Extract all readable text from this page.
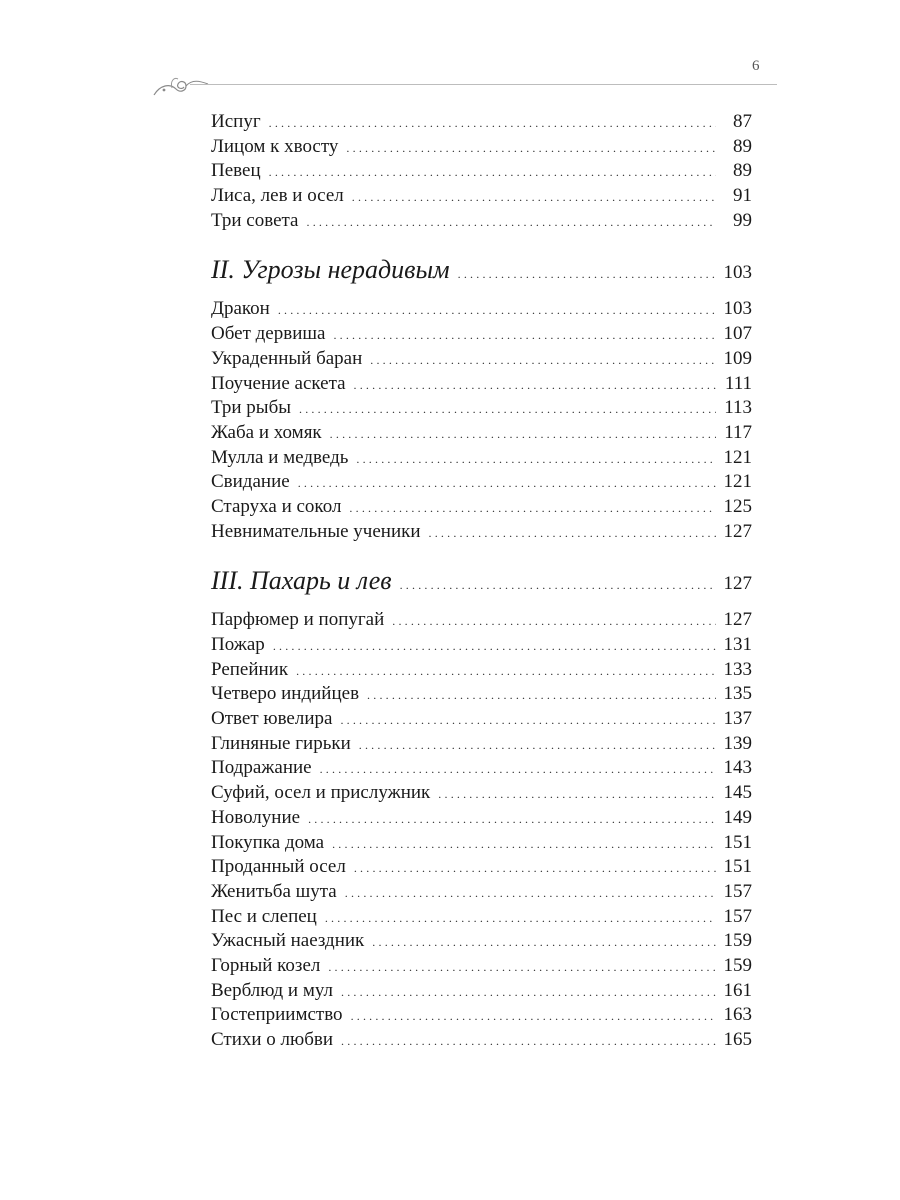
6
Испуг .....	87
Лицом к хвосту .....	89
Певец .....	89
Лиса, лев и осел .....	91
Три совета .....	99
II. Угрозы нерадивым .....	103
Дракон .....	103
Обет дервиша .....	107
Украденный баран .....	109
Поучение аскета .....	111
Три рыбы .....	113
Жаба и хомяк .....	117
Мулла и медведь .....	121
Свидание .....	121
Старуха и сокол .....	125
Невнимательные ученики .....	127
III. Пахарь и лев .....	127
Парфюмер и попугай .....	127
Пожар .....	131
Репейник .....	133
Четверо индийцев .....	135
Ответ ювелира .....	137
Глиняные гирьки .....	139
Подражание .....	143
Суфий, осел и прислужник .....	145
Новолуние .....	149
Покупка дома .....	151
Проданный осел .....	151
Женитьба шута .....	157
Пес и слепец .....	157
Ужасный наездник .....	159
Горный козел .....	159
Верблюд и мул .....	161
Гостеприимство .....	163
Стихи о любви .....	165
